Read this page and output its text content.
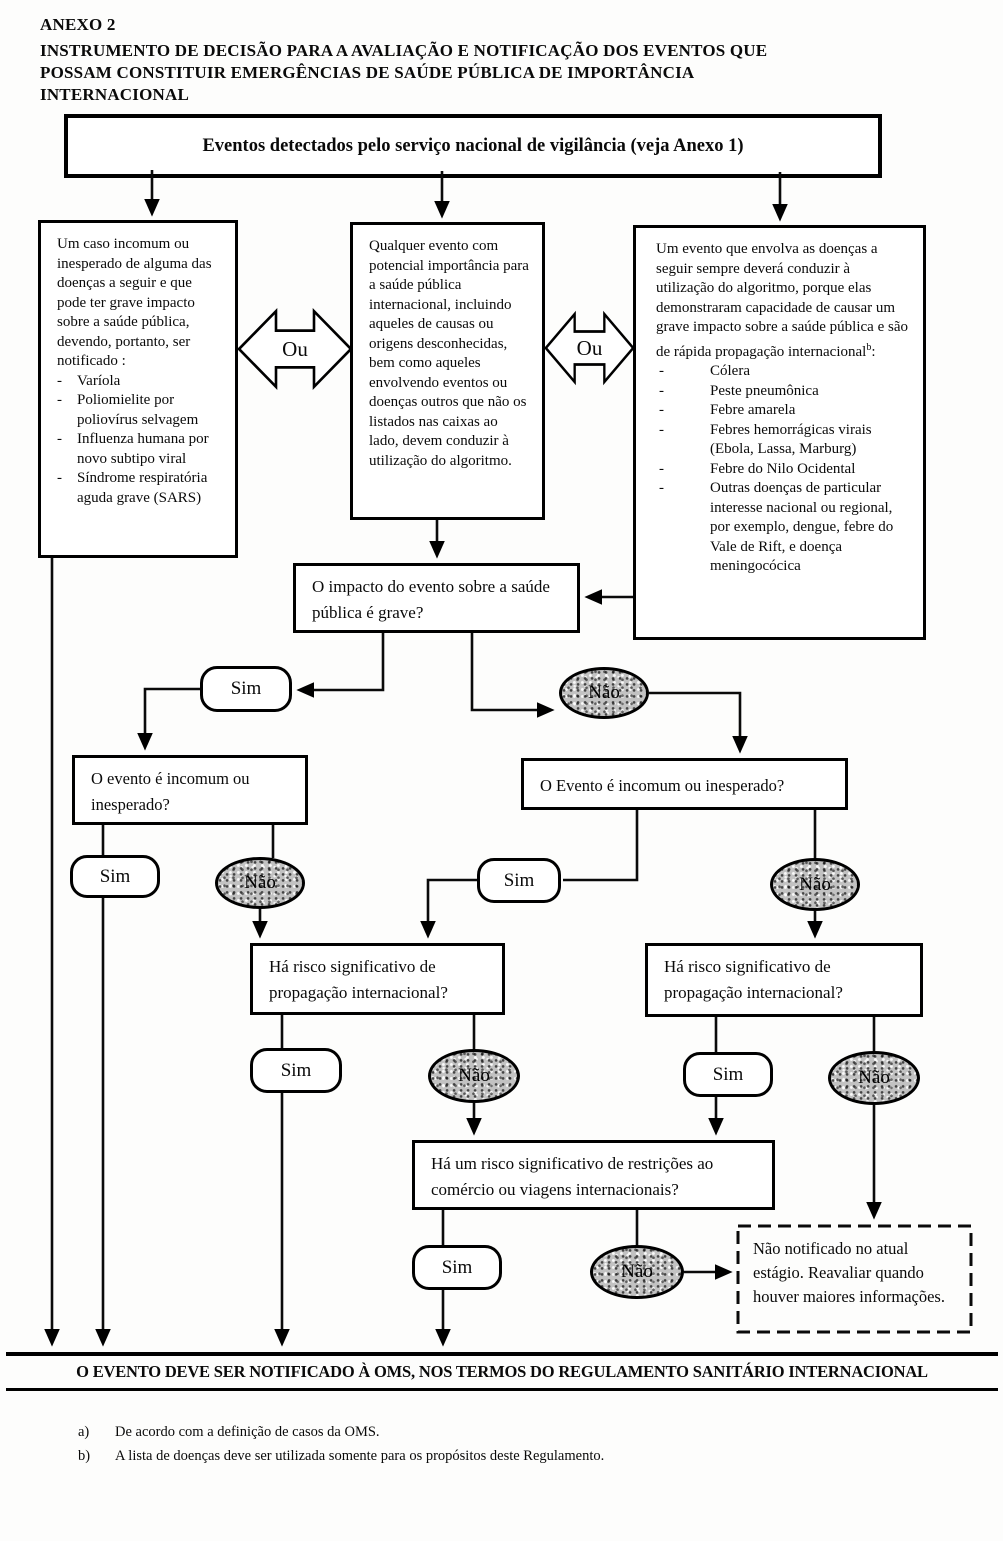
ANEXO 2
INSTRUMENTO DE DECISÃO PARA A AVALIAÇÃO E NOTIFICAÇÃO DOS EVENTOS QUE
POSSAM CONSTITUIR EMERGÊNCIAS DE SAÚDE PÚBLICA DE IMPORTÂNCIA
INTERNACIONAL
Eventos detectados pelo serviço nacional de vigilância (veja Anexo 1)
Um caso incomum ou inesperado de alguma das doenças a seguir e que pode ter grave impacto sobre a saúde pública, devendo, portanto, ser notificado :
-	Varíola
-	Poliomielite por poliovírus selvagem
-	Influenza humana por novo subtipo viral
-	Síndrome respiratória aguda grave (SARS)
Qualquer evento com potencial importância para a saúde pública internacional, incluindo aqueles de causas ou origens desconhecidas, bem como aqueles envolvendo eventos ou doenças outros que não os listados nas caixas ao lado, devem conduzir à utilização do algoritmo.
Um evento que envolva as doenças a seguir sempre deverá conduzir à utilização do algoritmo, porque elas demonstraram capacidade de causar um grave impacto sobre a saúde pública e são de rápida propagação internacional$^b$:
-	Cólera
-	Peste pneumônica
-	Febre amarela
-	Febres hemorrágicas virais (Ebola, Lassa, Marburg)
-	Febre do Nilo Ocidental
-	Outras doenças de particular interesse nacional ou regional, por exemplo, dengue, febre do Vale de Rift, e doença meningocócica
Ou	Ou
O impacto do evento sobre a saúde pública é grave?
Sim	Não
O evento é incomum ou inesperado?
O Evento é incomum ou inesperado?
Sim	Não	Sim	Não
Há risco significativo de propagação internacional?
Há risco significativo de propagação internacional?
Sim	Não	Sim	Não
Há um risco significativo de restrições ao comércio ou viagens internacionais?
Sim	Não
Não notificado no atual estágio. Reavaliar quando houver maiores informações.
O EVENTO DEVE SER NOTIFICADO À OMS, NOS TERMOS DO REGULAMENTO SANITÁRIO INTERNACIONAL
a) De acordo com a definição de casos da OMS.
b) A lista de doenças deve ser utilizada somente para os propósitos deste Regulamento.
